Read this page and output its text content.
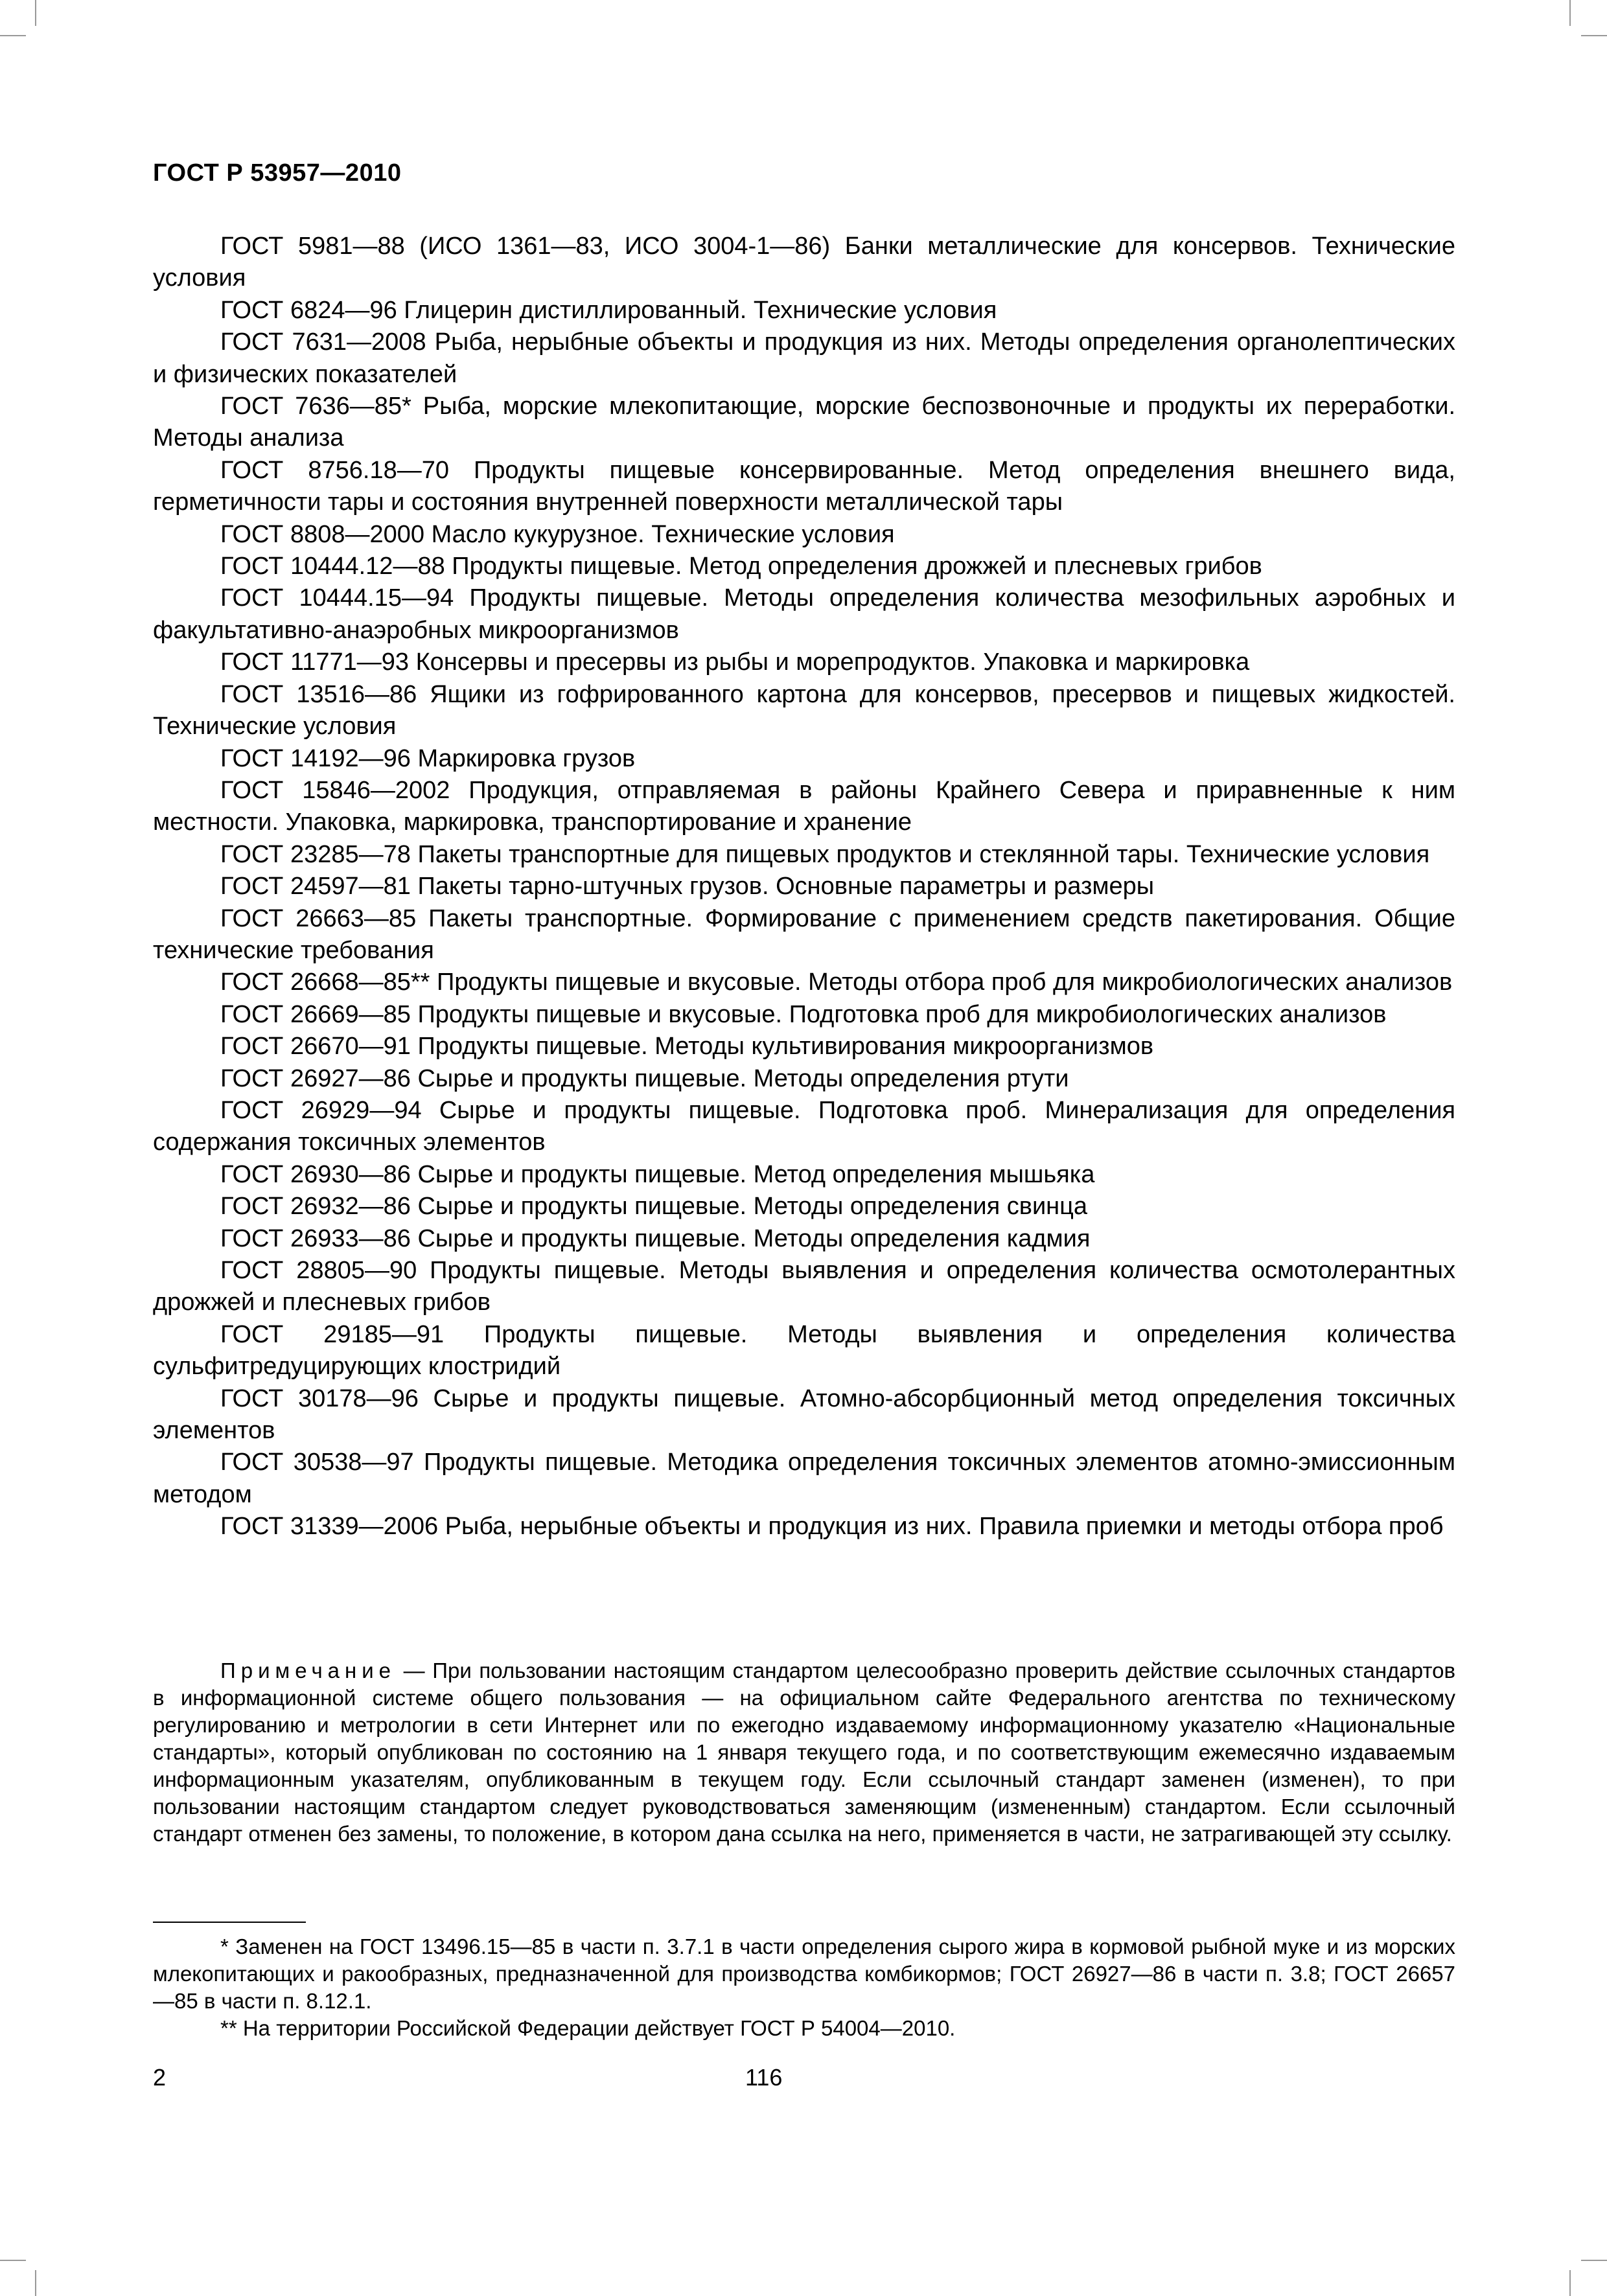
ГОСТ Р 53957—2010

ГОСТ 5981—88 (ИСО 1361—83, ИСО 3004-1—86) Банки металлические для консервов. Технические условия

ГОСТ 6824—96 Глицерин дистиллированный. Технические условия

ГОСТ 7631—2008 Рыба, нерыбные объекты и продукция из них. Методы определения органолептических и физических показателей

ГОСТ 7636—85* Рыба, морские млекопитающие, морские беспозвоночные и продукты их переработки. Методы анализа

ГОСТ 8756.18—70 Продукты пищевые консервированные. Метод определения внешнего вида, герметичности тары и состояния внутренней поверхности металлической тары

ГОСТ 8808—2000 Масло кукурузное. Технические условия

ГОСТ 10444.12—88 Продукты пищевые. Метод определения дрожжей и плесневых грибов

ГОСТ 10444.15—94 Продукты пищевые. Методы определения количества мезофильных аэробных и факультативно-анаэробных микроорганизмов

ГОСТ 11771—93 Консервы и пресервы из рыбы и морепродуктов. Упаковка и маркировка

ГОСТ 13516—86 Ящики из гофрированного картона для консервов, пресервов и пищевых жидкостей. Технические условия

ГОСТ 14192—96 Маркировка грузов

ГОСТ 15846—2002 Продукция, отправляемая в районы Крайнего Севера и приравненные к ним местности. Упаковка, маркировка, транспортирование и хранение

ГОСТ 23285—78 Пакеты транспортные для пищевых продуктов и стеклянной тары. Технические условия

ГОСТ 24597—81 Пакеты тарно-штучных грузов. Основные параметры и размеры

ГОСТ 26663—85 Пакеты транспортные. Формирование с применением средств пакетирования. Общие технические требования

ГОСТ 26668—85** Продукты пищевые и вкусовые. Методы отбора проб для микробиологических анализов

ГОСТ 26669—85 Продукты пищевые и вкусовые. Подготовка проб для микробиологических анализов

ГОСТ 26670—91 Продукты пищевые. Методы культивирования микроорганизмов

ГОСТ 26927—86 Сырье и продукты пищевые. Методы определения ртути

ГОСТ 26929—94 Сырье и продукты пищевые. Подготовка проб. Минерализация для определения содержания токсичных элементов

ГОСТ 26930—86 Сырье и продукты пищевые. Метод определения мышьяка

ГОСТ 26932—86 Сырье и продукты пищевые. Методы определения свинца

ГОСТ 26933—86 Сырье и продукты пищевые. Методы определения кадмия

ГОСТ 28805—90 Продукты пищевые. Методы выявления и определения количества осмотолерантных дрожжей и плесневых грибов

ГОСТ 29185—91 Продукты пищевые. Методы выявления и определения количества сульфитредуцирующих клостридий

ГОСТ 30178—96 Сырье и продукты пищевые. Атомно-абсорбционный метод определения токсичных элементов

ГОСТ 30538—97 Продукты пищевые. Методика определения токсичных элементов атомно-эмиссионным методом

ГОСТ 31339—2006 Рыба, нерыбные объекты и продукция из них. Правила приемки и методы отбора проб

Примечание — При пользовании настоящим стандартом целесообразно проверить действие ссылочных стандартов в информационной системе общего пользования — на официальном сайте Федерального агентства по техническому регулированию и метрологии в сети Интернет или по ежегодно издаваемому информационному указателю «Национальные стандарты», который опубликован по состоянию на 1 января текущего года, и по соответствующим ежемесячно издаваемым информационным указателям, опубликованным в текущем году. Если ссылочный стандарт заменен (изменен), то при пользовании настоящим стандартом следует руководствоваться заменяющим (измененным) стандартом. Если ссылочный стандарт отменен без замены, то положение, в котором дана ссылка на него, применяется в части, не затрагивающей эту ссылку.

* Заменен на ГОСТ 13496.15—85 в части п. 3.7.1 в части определения сырого жира в кормовой рыбной муке и из морских млекопитающих и ракообразных, предназначенной для производства комбикормов; ГОСТ 26927—86 в части п. 3.8; ГОСТ 26657—85 в части п. 8.12.1.

** На территории Российской Федерации действует ГОСТ Р 54004—2010.

2	116
